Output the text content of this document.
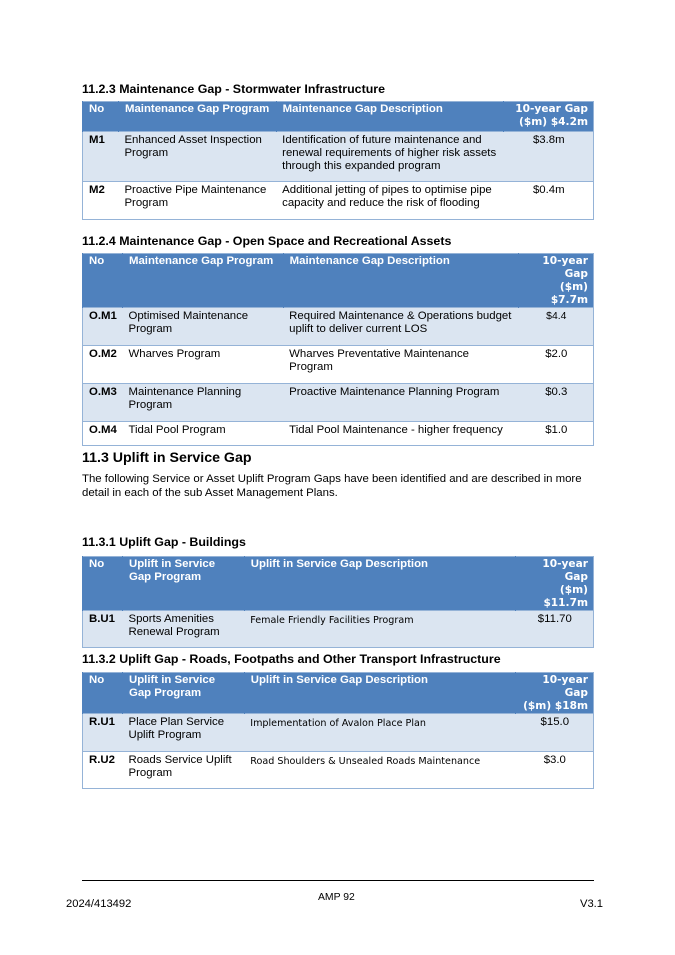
11.2.3 Maintenance Gap - Stormwater Infrastructure
No	Maintenance Gap Program	Maintenance Gap Description	10-year Gap
($m) $4.2m
M1	Enhanced Asset Inspection Program	Identification of future maintenance and renewal requirements of higher risk assets through this expanded program	$3.8m
M2	Proactive Pipe Maintenance Program	Additional jetting of pipes to optimise pipe capacity and reduce the risk of flooding	$0.4m
11.2.4 Maintenance Gap - Open Space and Recreational Assets
No	Maintenance Gap Program	Maintenance Gap Description	10-year Gap
($m) $7.7m
O.M1	Optimised Maintenance Program	Required Maintenance & Operations budget uplift to deliver current LOS	$4.4
O.M2	Wharves Program	Wharves Preventative Maintenance Program	$2.0
O.M3	Maintenance Planning Program	Proactive Maintenance Planning Program	$0.3
O.M4	Tidal Pool Program	Tidal Pool Maintenance - higher frequency	$1.0
11.3 Uplift in Service Gap
The following Service or Asset Uplift Program Gaps have been identified and are described in more detail in each of the sub Asset Management Plans.
11.3.1 Uplift Gap - Buildings
No	Uplift in Service Gap Program	Uplift in Service Gap Description	10-year Gap
($m) $11.7m
B.U1	Sports Amenities Renewal Program	Female Friendly Facilities Program	$11.70
11.3.2 Uplift Gap - Roads, Footpaths and Other Transport Infrastructure
No	Uplift in Service Gap Program	Uplift in Service Gap Description	10-year Gap
($m) $18m
R.U1	Place Plan Service Uplift Program	Implementation of Avalon Place Plan	$15.0
R.U2	Roads Service Uplift Program	Road Shoulders & Unsealed Roads Maintenance	$3.0
AMP 92
2024/413492	V3.1
